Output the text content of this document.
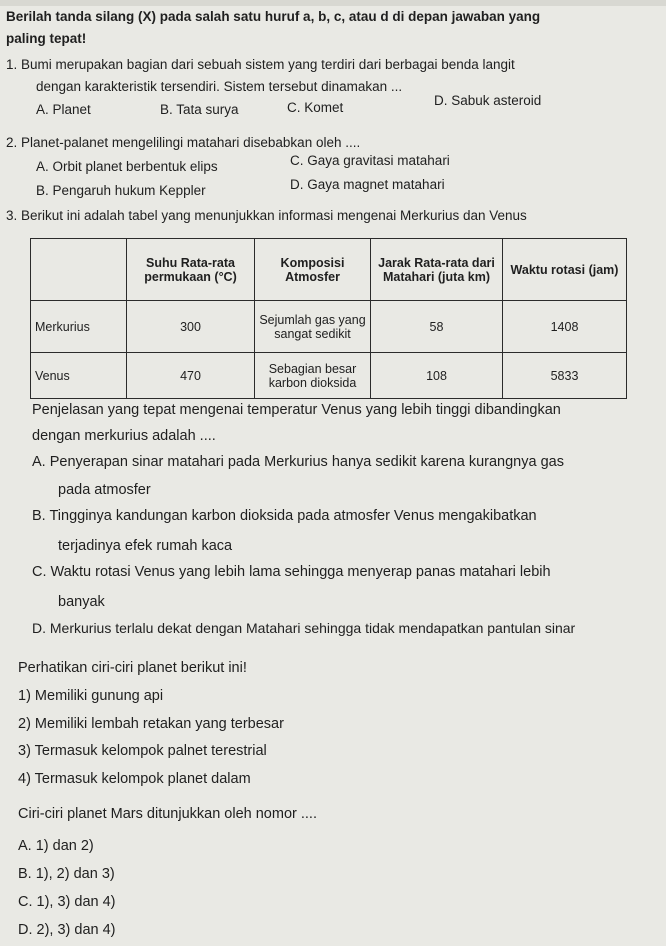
Berilah tanda silang (X) pada salah satu huruf a, b, c, atau d di depan jawaban yang
paling tepat!
1. Bumi merupakan bagian dari sebuah sistem yang terdiri dari berbagai benda langit
dengan karakteristik tersendiri. Sistem tersebut dinamakan ...
A. Planet	B. Tata surya	C. Komet	D. Sabuk asteroid
2. Planet-palanet mengelilingi matahari disebabkan oleh ....
A. Orbit planet berbentuk elips	C. Gaya gravitasi matahari
B. Pengaruh hukum Keppler	D. Gaya magnet matahari
3. Berikut ini adalah tabel yang menunjukkan informasi mengenai Merkurius dan Venus
	Suhu Rata-rata permukaan (°C)	Komposisi Atmosfer	Jarak Rata-rata dari Matahari (juta km)	Waktu rotasi (jam)
Merkurius	300	Sejumlah gas yang sangat sedikit	58	1408
Venus	470	Sebagian besar karbon dioksida	108	5833
Penjelasan yang tepat mengenai temperatur Venus yang lebih tinggi dibandingkan
dengan merkurius adalah ....
A. Penyerapan sinar matahari pada Merkurius hanya sedikit karena kurangnya gas
pada atmosfer
B. Tingginya kandungan karbon dioksida pada atmosfer Venus mengakibatkan
terjadinya efek rumah kaca
C. Waktu rotasi Venus yang lebih lama sehingga menyerap panas matahari lebih
banyak
D. Merkurius terlalu dekat dengan Matahari sehingga tidak mendapatkan pantulan sinar
Perhatikan ciri-ciri planet berikut ini!
1) Memiliki gunung api
2) Memiliki lembah retakan yang terbesar
3) Termasuk kelompok palnet terestrial
4) Termasuk kelompok planet dalam
Ciri-ciri planet Mars ditunjukkan oleh nomor ....
A. 1) dan 2)
B. 1), 2) dan 3)
C. 1), 3) dan 4)
D. 2), 3) dan 4)
